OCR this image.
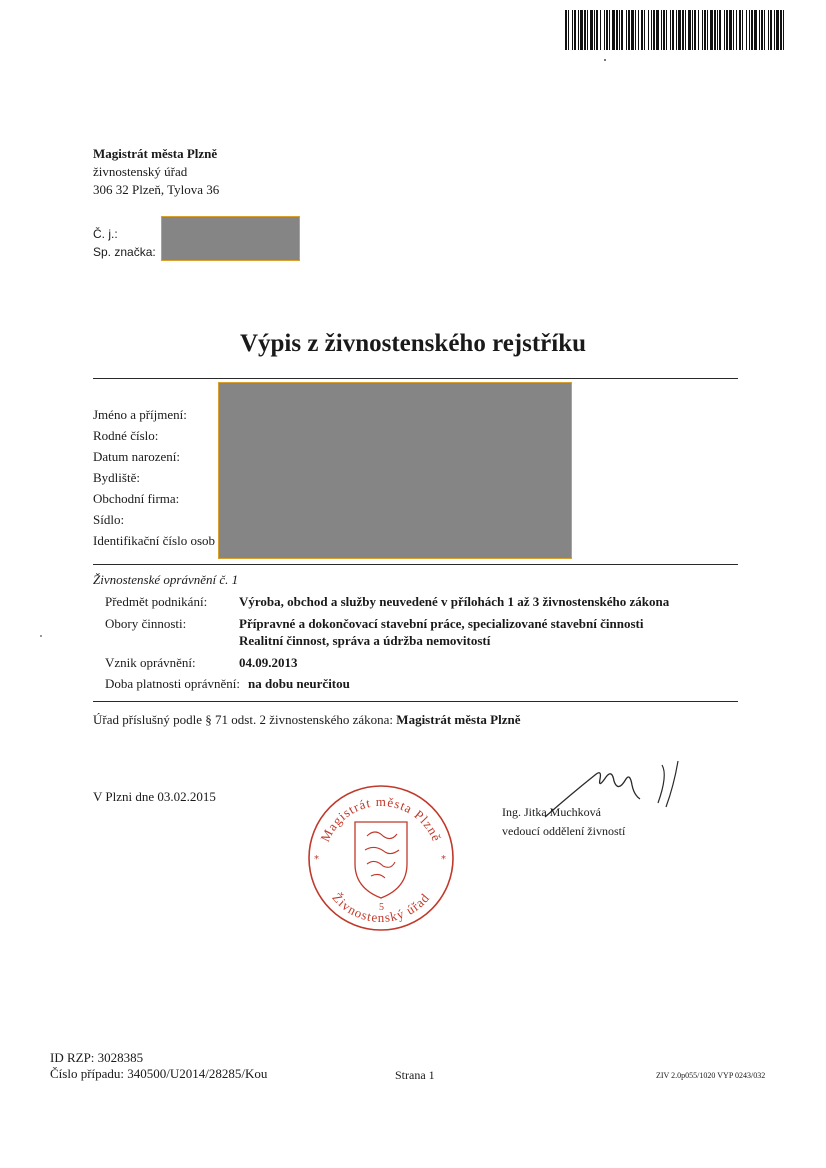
Magistrát města Plzně
živnostenský úřad
306 32 Plzeň, Tylova 36
Č. j.:
Sp. značka:
Výpis z živnostenského rejstříku
Jméno a příjmení:
Rodné číslo:
Datum narození:
Bydliště:
Obchodní firma:
Sídlo:
Identifikační číslo osob
Živnostenské oprávnění č. 1
Předmět podnikání: Výroba, obchod a služby neuvedené v přílohách 1 až 3 živnostenského zákona
Obory činnosti:	Přípravné a dokončovací stavební práce, specializované stavební činnosti
Realitní činnost, správa a údržba nemovitostí
Vznik oprávnění:	04.09.2013
Doba platnosti oprávnění: na dobu neurčitou
Úřad příslušný podle § 71 odst. 2 živnostenského zákona: Magistrát města Plzně
V Plzni dne 03.02.2015
Magistrát města Plzně
Živnostenský úřad
*	*
5
Ing. Jitka Muchková
vedoucí oddělení živností
ID RZP: 3028385
Číslo případu: 340500/U2014/28285/Kou	Strana 1	ZIV 2.0p055/1020 VYP 0243/032
